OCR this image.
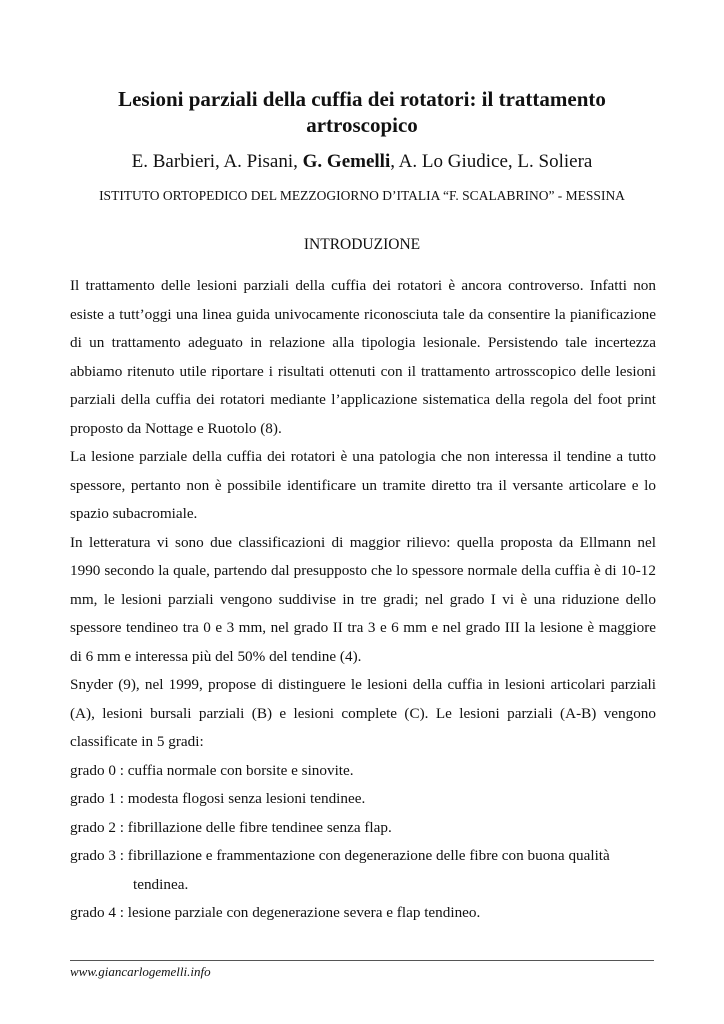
Lesioni parziali della cuffia dei rotatori: il trattamento artroscopico
E. Barbieri, A. Pisani, G. Gemelli, A. Lo Giudice, L. Soliera
ISTITUTO ORTOPEDICO DEL MEZZOGIORNO D’ITALIA “F. SCALABRINO” - MESSINA
INTRODUZIONE

Il trattamento delle lesioni parziali della cuffia dei rotatori è ancora controverso. Infatti non esiste a tutt’oggi una linea guida univocamente riconosciuta tale da consentire la pianificazione di un trattamento adeguato in relazione alla tipologia lesionale. Persistendo tale incertezza abbiamo ritenuto utile riportare i risultati ottenuti con il trattamento artrosscopico delle lesioni parziali della cuffia dei rotatori mediante l’applicazione sistematica della regola del foot print proposto da Nottage e Ruotolo (8).

La lesione parziale della cuffia dei rotatori è una patologia che non interessa il tendine a tutto spessore, pertanto non è possibile identificare un tramite diretto tra il versante articolare e lo spazio subacromiale.

In letteratura vi sono due classificazioni di maggior rilievo: quella proposta da Ellmann nel 1990 secondo la quale, partendo dal presupposto che lo spessore normale della cuffia è di 10-12 mm, le lesioni parziali vengono suddivise in tre gradi; nel grado I vi è una riduzione dello spessore tendineo tra 0 e 3 mm, nel grado II tra 3 e 6 mm e nel grado III la lesione è maggiore di 6 mm e interessa più del 50% del tendine (4).

Snyder (9), nel 1999, propose di distinguere le lesioni della cuffia in lesioni articolari parziali (A), lesioni bursali parziali (B) e lesioni complete (C). Le lesioni parziali (A-B) vengono classificate in 5 gradi:

grado 0 : cuffia normale con borsite e sinovite.
grado 1 : modesta flogosi senza lesioni tendinee.
grado 2 : fibrillazione delle fibre tendinee senza flap.
grado 3 : fibrillazione e frammentazione con degenerazione delle fibre con buona qualità
tendinea.
grado 4 : lesione parziale con degenerazione severa e flap tendineo.
www.giancarlogemelli.info
